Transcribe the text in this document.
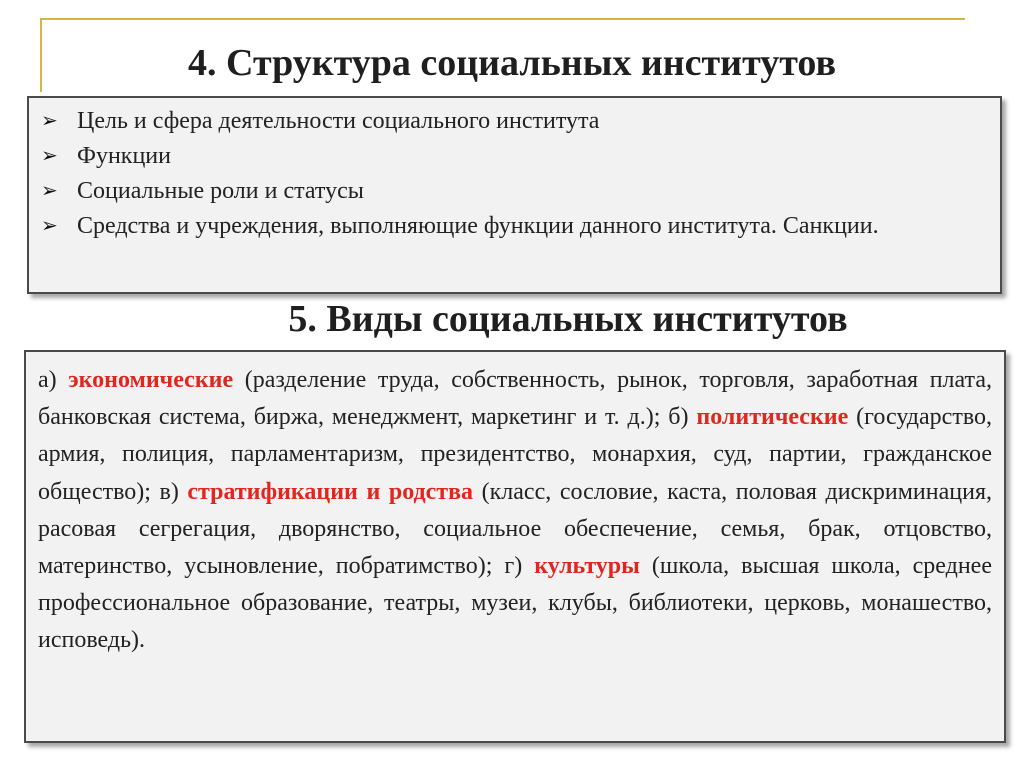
4. Структура социальных институтов
➢ Цель и сфера деятельности социального института
➢ Функции
➢ Социальные роли и статусы
➢ Средства и учреждения, выполняющие функции данного института. Санкции.
5. Виды социальных институтов

а) экономические (разделение труда, собственность, рынок, торговля, заработная плата, банковская система, биржа, менеджмент, маркетинг и т. д.); б) политические (государство, армия, полиция, парламентаризм, президентство, монархия, суд, партии, гражданское общество); в) стратификации и родства (класс, сословие, каста, половая дискриминация, расовая сегрегация, дворянство, социальное обеспечение, семья, брак, отцовство, материнство, усыновление, побратимство); г) культуры (школа, высшая школа, среднее профессиональное образование, театры, музеи, клубы, библиотеки, церковь, монашество, исповедь).
